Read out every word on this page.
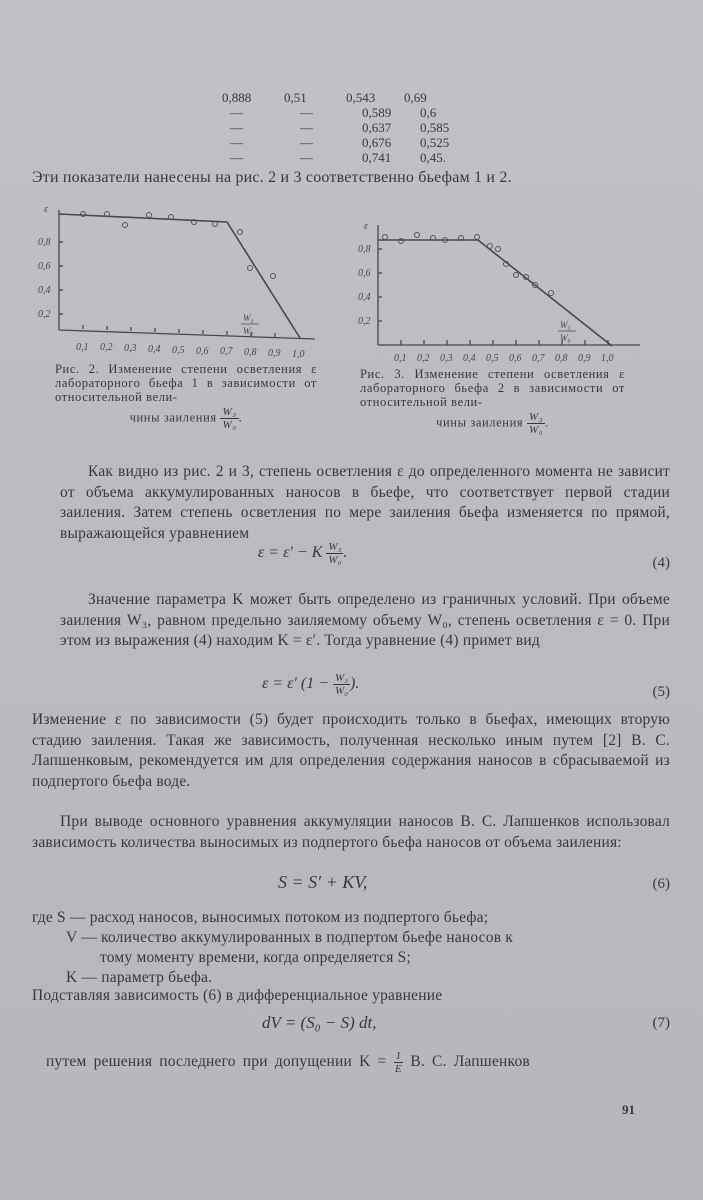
0,888	0,51	0,543	0,69
—	—	0,589	0,6
—	—	0,637	0,585
—	—	0,676	0,525
—	—	0,741	0,45.
Эти показатели нанесены на рис. 2 и 3 соответственно бьефам 1 и 2.
ε
0,8
0,6
0,4
0,2
0,1 0,2 0,3 0,4 0,5 0,6 0,7 0,8 0,9 1,0
W₃
W₀
ε
0,8
0,6
0,4
0,2
0,1 0,2 0,3 0,4 0,5 0,6 0,7 0,8 0,9 1,0
W₃
W₀
Рис. 2. Изменение степени осветления ε лабораторного бьефа 1 в зависимости от относительной вели-
чины заиления $\frac{\text{W₃}}{\text{W₀}}$ .
Рис. 3. Изменение степени осветления ε лабораторного бьефа 2 в зависимости от относительной вели-
чины заиления $\frac{\text{W₃}}{\text{W₀}}$ .
Как видно из рис. 2 и 3, степень осветления ε до определенного момента не зависит от объема аккумулированных наносов в бьефе, что соответствует первой стадии заиления. Затем степень осветления по мере заиления бьефа изменяется по прямой, выражающейся уравнением
ε = ε′ − K $\frac{\text{W₃}}{\text{W₀}}$ .
(4)
Значение параметра K может быть определено из граничных условий. При объеме заиления W₃, равном предельно заиляемому объему W₀, степень осветления ε = 0. При этом из выражения (4) находим K = ε′. Тогда уравнение (4) примет вид
ε = ε′ ($1 - \frac{\text{W₃}}{\text{W₀}}$ ).	(5)
Изменение ε по зависимости (5) будет происходить только в бьефах, имеющих вторую стадию заиления. Такая же зависимость, полученная несколько иным путем [2] В. С. Лапшенковым, рекомендуется им для определения содержания наносов в сбрасываемой из подпертого бьефа воде.
При выводе основного уравнения аккумуляции наносов В. С. Лапшенков использовал зависимость количества выносимых из подпертого бьефа наносов от объема заиления:
S = S′ + KV,	(6)
где S — расход наносов, выносимых потоком из подпертого бьефа;
V — количество аккумулированных в подпертом бьефе наносов к
тому моменту времени, когда определяется S;
K — параметр бьефа.
Подставляя зависимость (6) в дифференциальное уравнение
dV = (S₀ − S) dt,	(7)
путем решения последнего при допущении $K = \frac{1}{E} В$. С. Лапшенков
91
